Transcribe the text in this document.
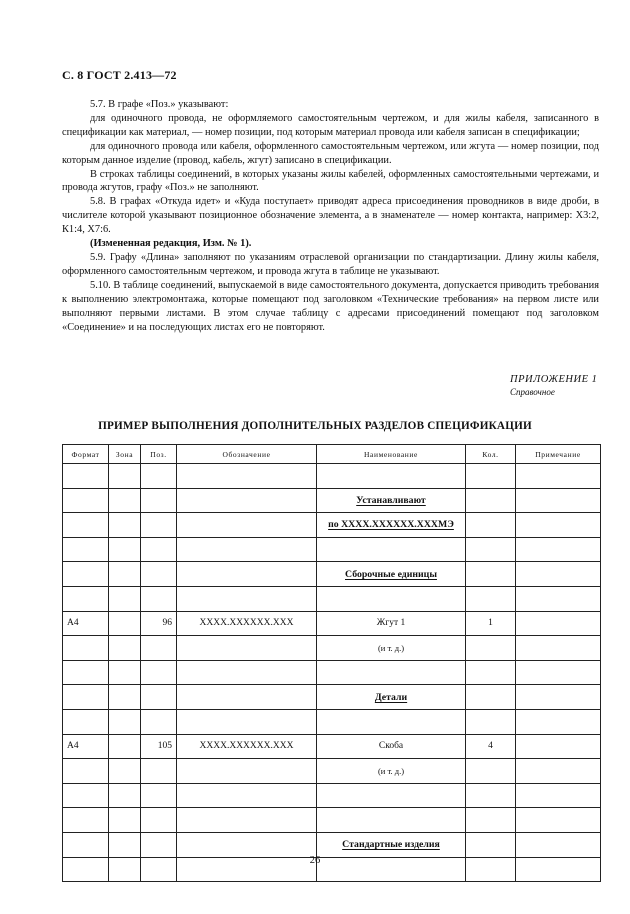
С. 8 ГОСТ 2.413—72

5.7. В графе «Поз.» указывают:

для одиночного провода, не оформляемого самостоятельным чертежом, и для жилы кабеля, записанного в спецификации как материал, — номер позиции, под которым материал провода или кабеля записан в спецификации;

для одиночного провода или кабеля, оформленного самостоятельным чертежом, или жгута — номер позиции, под которым данное изделие (провод, кабель, жгут) записано в спецификации.

В строках таблицы соединений, в которых указаны жилы кабелей, оформленных самостоятельными чертежами, и провода жгутов, графу «Поз.» не заполняют.

5.8. В графах «Откуда идет» и «Куда поступает» приводят адреса присоединения проводников в виде дроби, в числителе которой указывают позиционное обозначение элемента, а в знаменателе — номер контакта, например: Х3:2, К1:4, Х7:6.

(Измененная редакция, Изм. № 1).

5.9. Графу «Длина» заполняют по указаниям отраслевой организации по стандартизации. Длину жилы кабеля, оформленного самостоятельным чертежом, и провода жгута в таблице не указывают.

5.10. В таблице соединений, выпускаемой в виде самостоятельного документа, допускается приводить требования к выполнению электромонтажа, которые помещают под заголовком «Технические требования» на первом листе или выполняют первыми листами. В этом случае таблицу с адресами присоединений помещают под заголовком «Соединение» и на последующих листах его не повторяют.

ПРИЛОЖЕНИЕ 1
Справочное
ПРИМЕР ВЫПОЛНЕНИЯ ДОПОЛНИТЕЛЬНЫХ РАЗДЕЛОВ СПЕЦИФИКАЦИИ
Формат	Зона	Поз.	Обозначение	Наименование	Кол.	Примечание

				Устанавливают		
				по ХХХХ.ХХХХХХ.ХХХМЭ		

				Сборочные единицы		

А4		96	ХХХХ.ХХХХХХ.ХХХ	Жгут 1	1	
				(и т. д.)		

				Детали		

А4		105	ХХХХ.ХХХХХХ.ХХХ	Скоба	4	
				(и т. д.)		

				Стандартные изделия		

26
